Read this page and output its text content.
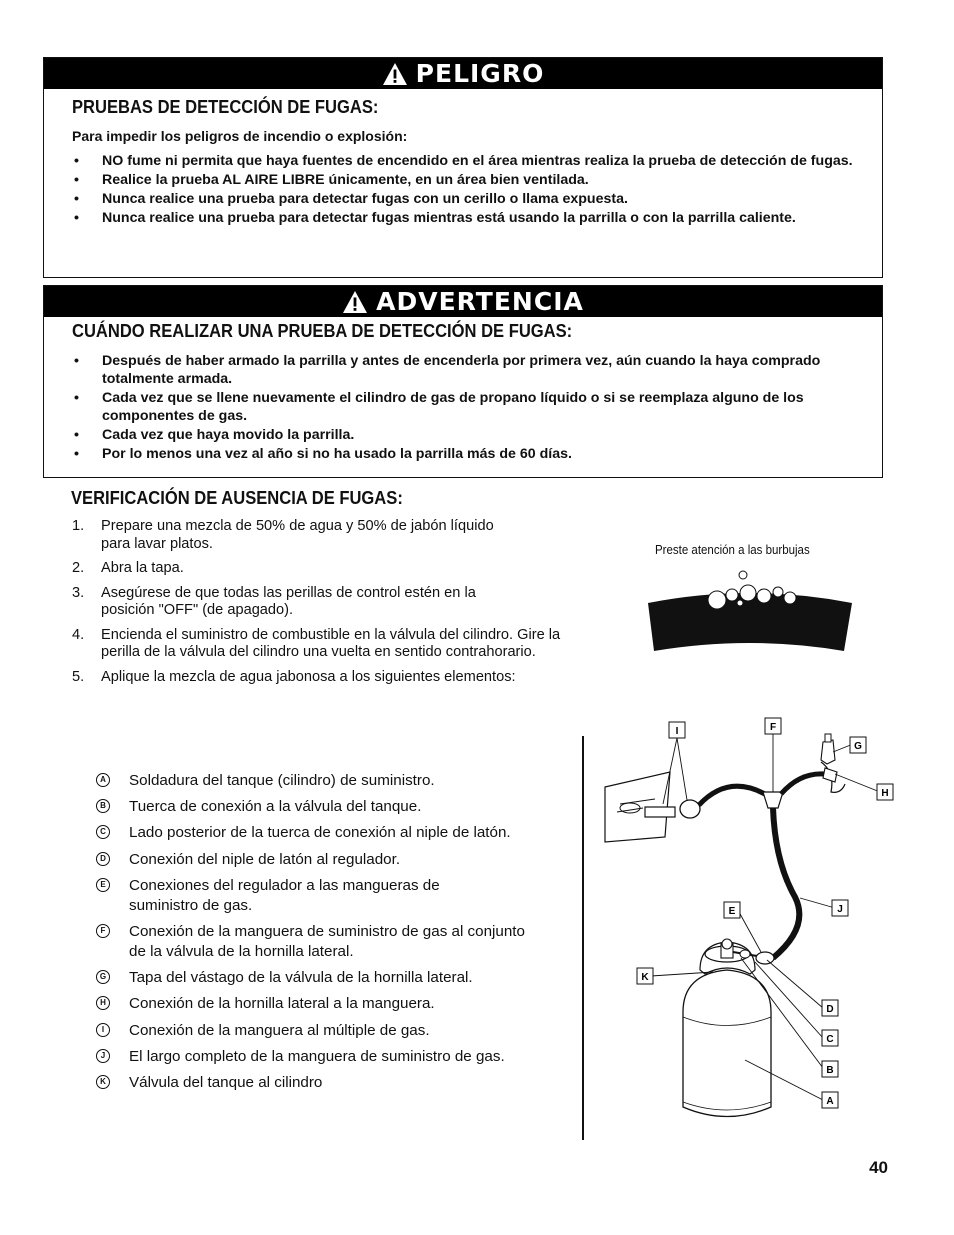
PELIGRO
PRUEBAS DE DETECCIÓN DE FUGAS:

Para impedir los peligros de incendio o explosión:

• NO fume ni permita que haya fuentes de encendido en el área mientras realiza la prueba de detección de fugas.
• Realice la prueba AL AIRE LIBRE únicamente, en un área bien ventilada.
• Nunca realice una prueba para detectar fugas con un cerillo o llama expuesta.
• Nunca realice una prueba para detectar fugas mientras está usando la parrilla o con la parrilla caliente.
ADVERTENCIA
CUÁNDO REALIZAR UNA PRUEBA DE DETECCIÓN DE FUGAS:
• Después de haber armado la parrilla y antes de encenderla por primera vez, aún cuando la haya comprado totalmente armada.
• Cada vez que se llene nuevamente el cilindro de gas de propano líquido o si se reemplaza alguno de los componentes de gas.
• Cada vez que haya movido la parrilla.
• Por lo menos una vez al año si no ha usado la parrilla más de 60 días.
VERIFICACIÓN DE AUSENCIA DE FUGAS:
1. Prepare una mezcla de 50% de agua y 50% de jabón líquido para lavar platos.
2. Abra la tapa.
3. Asegúrese de que todas las perillas de control estén en la posición "OFF" (de apagado).
4. Encienda el suministro de combustible en la válvula del cilindro. Gire la perilla de la válvula del cilindro una vuelta en sentido contrahorario.
5. Aplique la mezcla de agua jabonosa a los siguientes elementos:
Preste atención a las burbujas
A Soldadura del tanque (cilindro) de suministro.
B Tuerca de conexión a la válvula del tanque.
C Lado posterior de la tuerca de conexión al niple de latón.
D Conexión del niple de latón al regulador.
E Conexiones del regulador a las mangueras de suministro de gas.
F	Conexión de la manguera de suministro de gas al conjunto de la válvula de la hornilla lateral.
G Tapa del vástago de la válvula de la hornilla lateral.
H Conexión de la hornilla lateral a la manguera.
I	Conexión de la manguera al múltiple de gas.
J	El largo completo de la manguera de suministro de gas.
K Válvula del tanque al cilindro
I	F
G
H
E	J
K
D
C
B
A
40
